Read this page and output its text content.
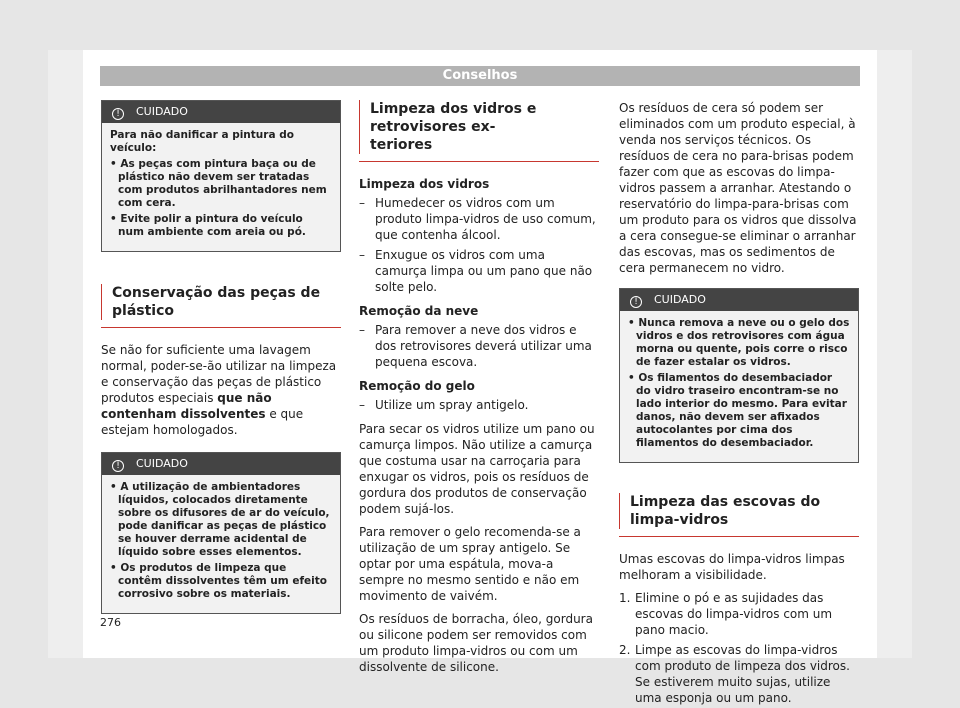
Conselhos
! CUIDADO

Para não danificar a pintura do veículo:

• As peças com pintura baça ou de plástico não devem ser tratadas com produtos abrilhantadores nem com cera.

• Evite polir a pintura do veículo num ambiente com areia ou pó.

Conservação das peças de plástico

Se não for suficiente uma lavagem normal, poder-se-ão utilizar na limpeza e conservação das peças de plástico produtos especiais que não contenham dissolventes e que estejam homologados.

! CUIDADO

• A utilização de ambientadores líquidos, colocados diretamente sobre os difusores de ar do veículo, pode danificar as peças de plástico se houver derrame acidental de líquido sobre esses elementos.

• Os produtos de limpeza que contêm dissolventes têm um efeito corrosivo sobre os materiais.

Limpeza dos vidros e retrovisores ex-
teriores

Limpeza dos vidros

– Humedecer os vidros com um produto limpa-vidros de uso comum, que contenha álcool.

– Enxugue os vidros com uma camurça limpa ou um pano que não solte pelo.

Remoção da neve

– Para remover a neve dos vidros e dos retrovisores deverá utilizar uma pequena escova.

Remoção do gelo

– Utilize um spray antigelo.

Para secar os vidros utilize um pano ou camurça limpos. Não utilize a camurça que costuma usar na carroçaria para enxugar os vidros, pois os resíduos de gordura dos produtos de conservação podem sujá-los.

Para remover o gelo recomenda-se a utilização de um spray antigelo. Se optar por uma espátula, mova-a sempre no mesmo sentido e não em movimento de vaivém.

Os resíduos de borracha, óleo, gordura ou silicone podem ser removidos com um produto limpa-vidros ou com um dissolvente de silicone.

Os resíduos de cera só podem ser eliminados com um produto especial, à venda nos serviços técnicos. Os resíduos de cera no para-brisas podem fazer com que as escovas do limpa-vidros passem a arranhar. Atestando o reservatório do limpa-para-brisas com um produto para os vidros que dissolva a cera consegue-se eliminar o arranhar das escovas, mas os sedimentos de cera permanecem no vidro.

! CUIDADO

• Nunca remova a neve ou o gelo dos vidros e dos retrovisores com água morna ou quente, pois corre o risco de fazer estalar os vidros.

• Os filamentos do desembaciador do vidro traseiro encontram-se no lado interior do mesmo. Para evitar danos, não devem ser afixados autocolantes por cima dos filamentos do desembaciador.

Limpeza das escovas do limpa-vidros

Umas escovas do limpa-vidros limpas melhoram a visibilidade.

1. Elimine o pó e as sujidades das escovas do limpa-vidros com um pano macio.

2. Limpe as escovas do limpa-vidros com produto de limpeza dos vidros. Se estiverem muito sujas, utilize uma esponja ou um pano.

276
